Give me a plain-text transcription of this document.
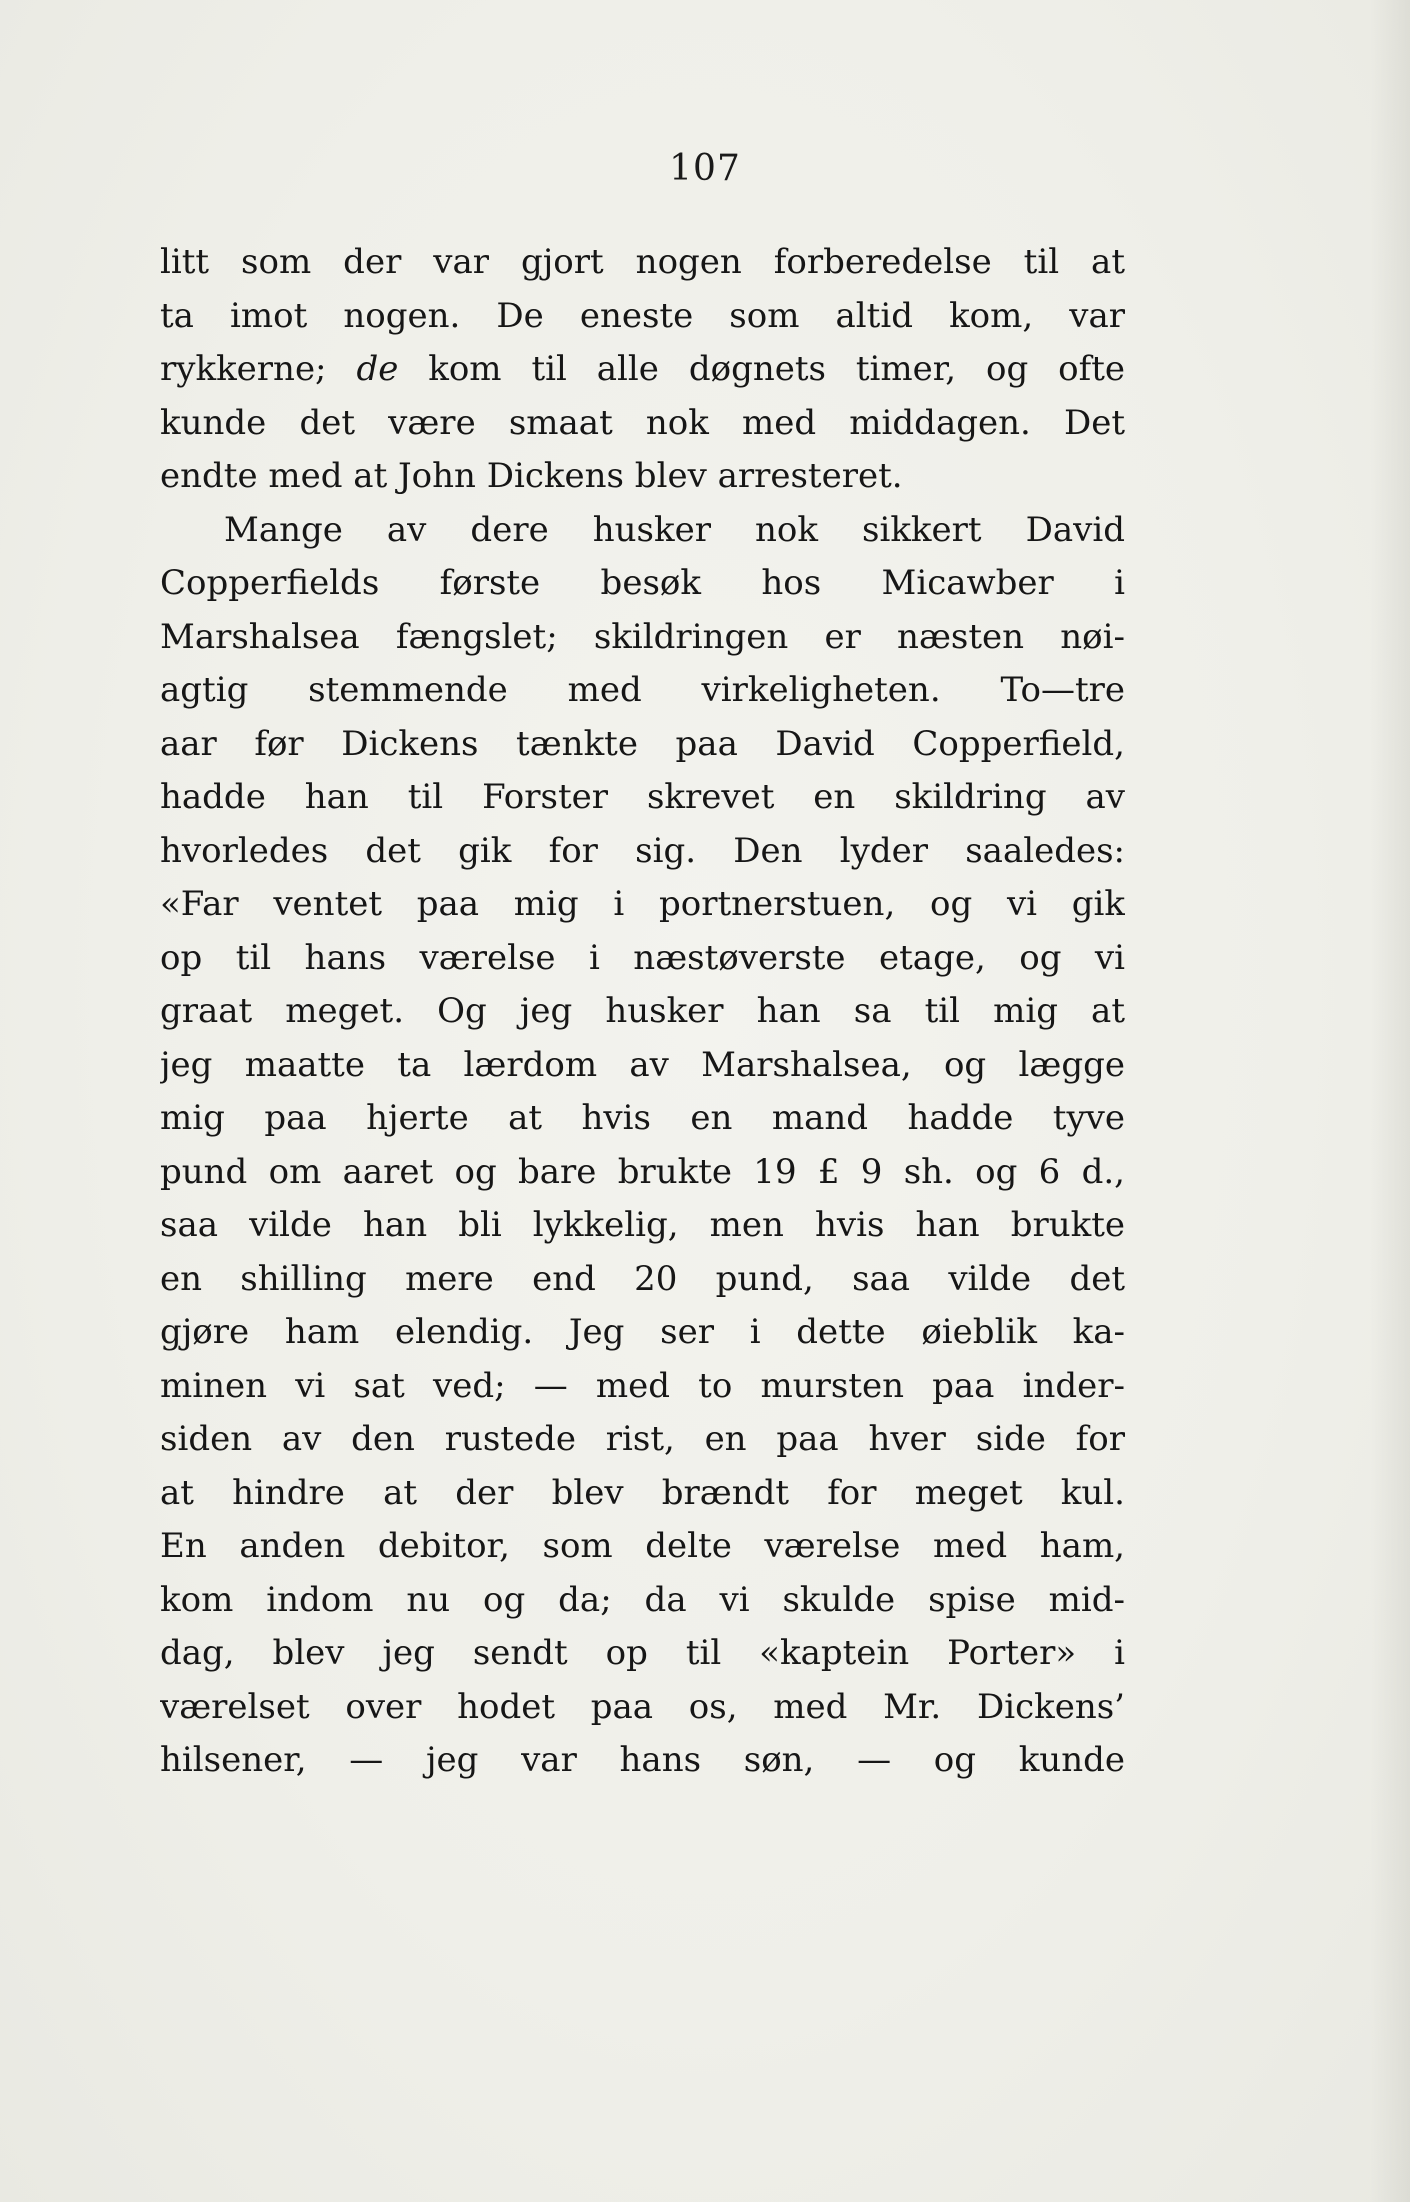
107
litt som der var gjort nogen forberedelse til at
ta imot nogen. De eneste som altid kom, var
rykkerne; de kom til alle døgnets timer, og ofte
kunde det være smaat nok med middagen. Det
endte med at John Dickens blev arresteret.
Mange av dere husker nok sikkert David
Copperfields første besøk hos Micawber i
Marshalsea fængslet; skildringen er næsten nøi-
agtig stemmende med virkeligheten. To—tre
aar før Dickens tænkte paa David Copperfield,
hadde han til Forster skrevet en skildring av
hvorledes det gik for sig. Den lyder saaledes:
«Far ventet paa mig i portnerstuen, og vi gik
op til hans værelse i næstøverste etage, og vi
graat meget. Og jeg husker han sa til mig at
jeg maatte ta lærdom av Marshalsea, og lægge
mig paa hjerte at hvis en mand hadde tyve
pund om aaret og bare brukte 19 £ 9 sh. og 6 d.,
saa vilde han bli lykkelig, men hvis han brukte
en shilling mere end 20 pund, saa vilde det
gjøre ham elendig. Jeg ser i dette øieblik ka-
minen vi sat ved; — med to mursten paa inder-
siden av den rustede rist, en paa hver side for
at hindre at der blev brændt for meget kul.
En anden debitor, som delte værelse med ham,
kom indom nu og da; da vi skulde spise mid-
dag, blev jeg sendt op til «kaptein Porter» i
værelset over hodet paa os, med Mr. Dickens’
hilsener, — jeg var hans søn, — og kunde
